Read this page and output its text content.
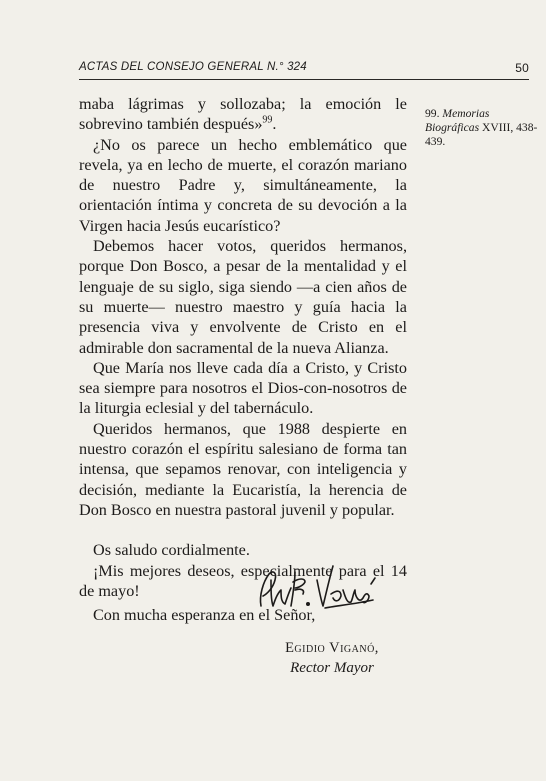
ACTAS DEL CONSEJO GENERAL N.° 324	50

maba lágrimas y sollozaba; la emoción le sobrevino también después»$^{99}$.

¿No os parece un hecho emblemático que revela, ya en lecho de muerte, el corazón mariano de nuestro Padre y, simultáneamente, la orientación íntima y concreta de su devoción a la Virgen hacia Jesús eucarístico?

Debemos hacer votos, queridos hermanos, porque Don Bosco, a pesar de la mentalidad y el lenguaje de su siglo, siga siendo —a cien años de su muerte— nuestro maestro y guía hacia la presencia viva y envolvente de Cristo en el admirable don sacramental de la nueva Alianza.

Que María nos lleve cada día a Cristo, y Cristo sea siempre para nosotros el Dios-con-nosotros de la liturgia eclesial y del tabernáculo.

Queridos hermanos, que 1988 despierte en nuestro corazón el espíritu salesiano de forma tan intensa, que sepamos renovar, con inteligencia y decisión, mediante la Eucaristía, la herencia de Don Bosco en nuestra pastoral juvenil y popular.

Os saludo cordialmente.

¡Mis mejores deseos, especialmente para el 14 de mayo!

Con mucha esperanza en el Señor,

99. Memorias Biográficas XVIII, 438-439.
Egidio Viganó,
Rector Mayor
